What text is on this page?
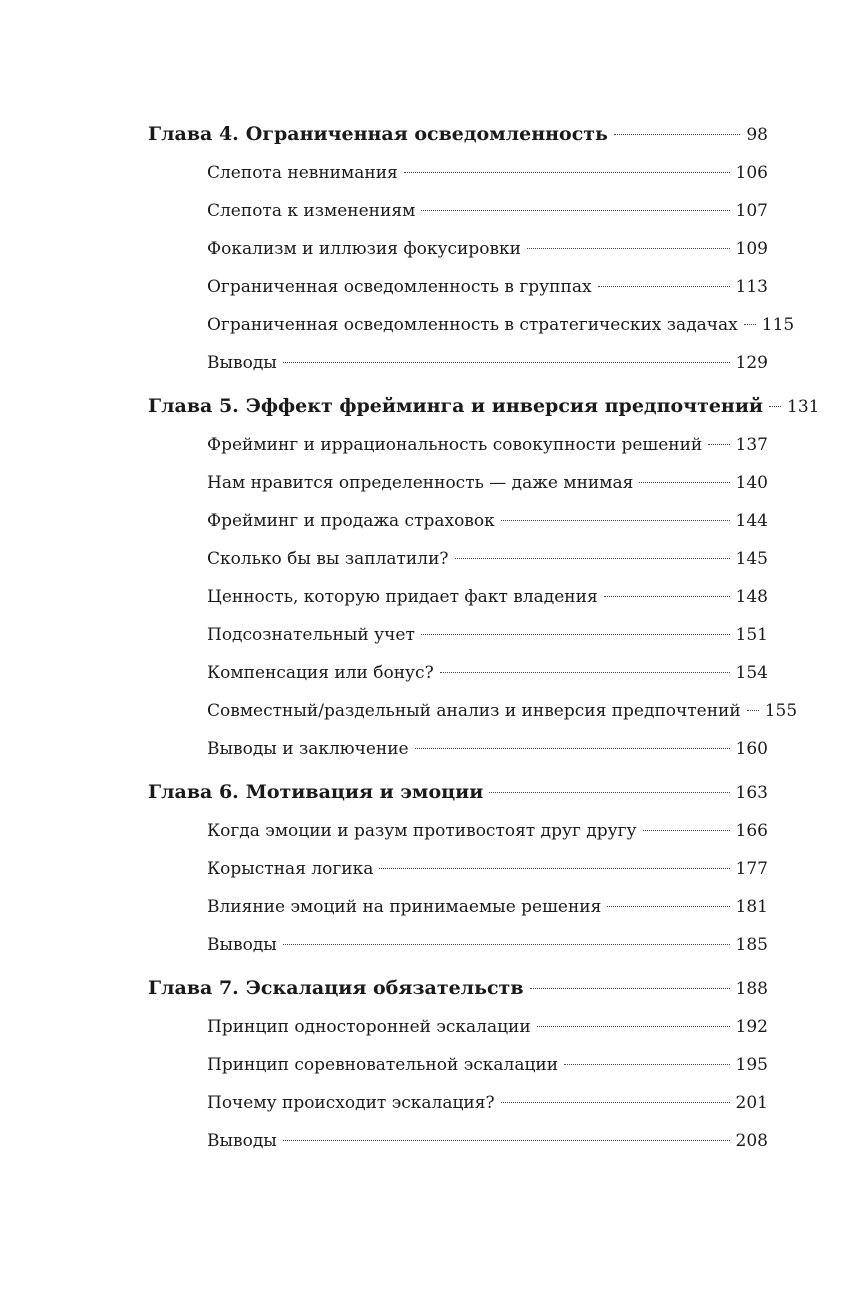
Глава 4. Ограниченная осведомленность	98
Слепота невнимания	106
Слепота к изменениям	107
Фокализм и иллюзия фокусировки	109
Ограниченная осведомленность в группах	113
Ограниченная осведомленность в стратегических задачах 115
Выводы	129
Глава 5. Эффект фрейминга и инверсия предпочтений 131
Фрейминг и иррациональность совокупности решений 137
Нам нравится определенность — даже мнимая	140
Фрейминг и продажа страховок	144
Сколько бы вы заплатили?	145
Ценность, которую придает факт владения	148
Подсознательный учет	151
Компенсация или бонус?	154
Совместный/раздельный анализ и инверсия предпочтений 155
Выводы и заключение	160
Глава 6. Мотивация и эмоции	163
Когда эмоции и разум противостоят друг другу	166
Корыстная логика	177
Влияние эмоций на принимаемые решения	181
Выводы	185
Глава 7. Эскалация обязательств	188
Принцип односторонней эскалации	192
Принцип соревновательной эскалации	195
Почему происходит эскалация?	201
Выводы	208
